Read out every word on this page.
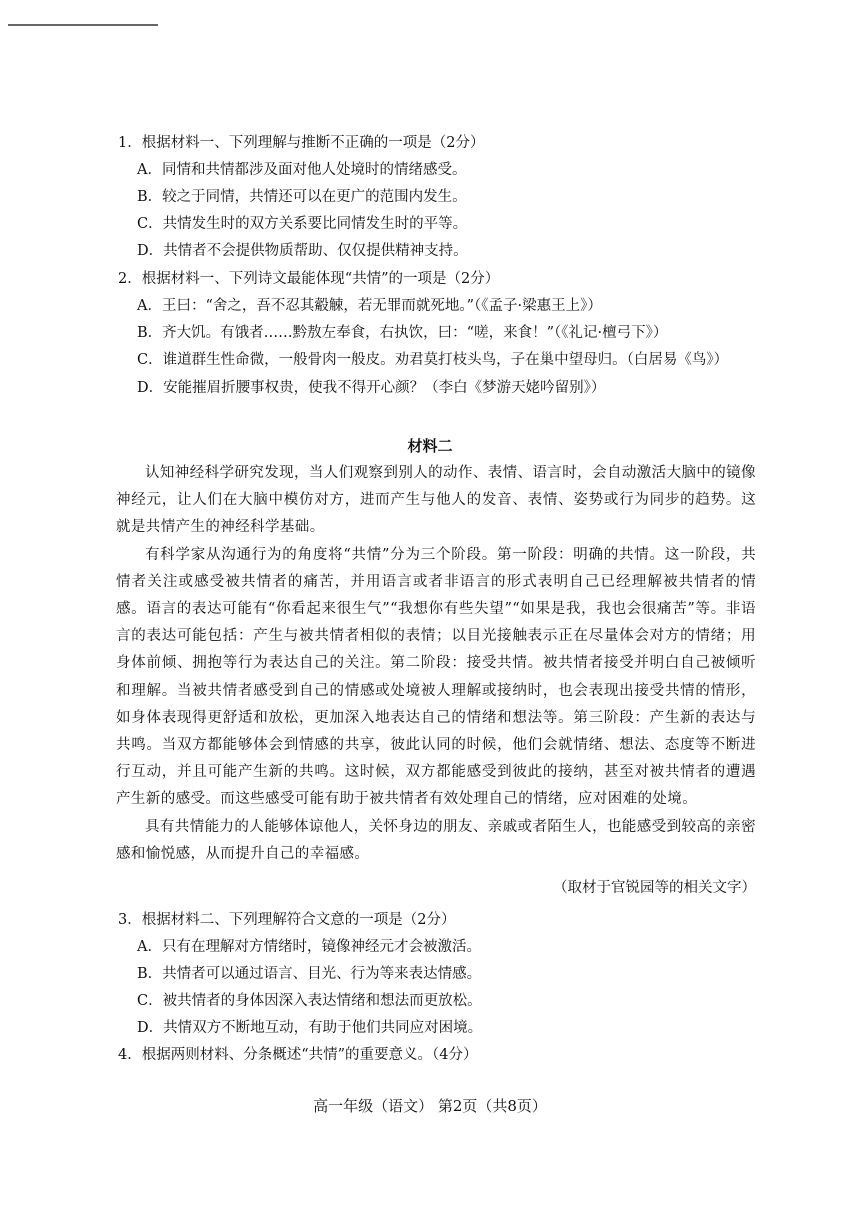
1．根据材料一、下列理解与推断不正确的一项是（2分）
A．同情和共情都涉及面对他人处境时的情绪感受。
B．较之于同情，共情还可以在更广的范围内发生。
C．共情发生时的双方关系要比同情发生时的平等。
D．共情者不会提供物质帮助、仅仅提供精神支持。
2．根据材料一、下列诗文最能体现“共情”的一项是（2分）
A．王曰：“舍之，吾不忍其觳觫，若无罪而就死地。”（《孟子·梁惠王上》）
B．齐大饥。有饿者……黔敖左奉食，右执饮，曰：“嗟，来食！”（《礼记·檀弓下》）
C．谁道群生性命微，一般骨肉一般皮。劝君莫打枝头鸟，子在巢中望母归。（白居易《鸟》）
D．安能摧眉折腰事权贵，使我不得开心颜？（李白《梦游天姥吟留别》）
材料二

认知神经科学研究发现，当人们观察到别人的动作、表情、语言时，会自动激活大脑中的镜像神经元，让人们在大脑中模仿对方，进而产生与他人的发音、表情、姿势或行为同步的趋势。这就是共情产生的神经科学基础。

有科学家从沟通行为的角度将“共情”分为三个阶段。第一阶段：明确的共情。这一阶段，共情者关注或感受被共情者的痛苦，并用语言或者非语言的形式表明自己已经理解被共情者的情感。语言的表达可能有“你看起来很生气”“我想你有些失望”“如果是我，我也会很痛苦”等。非语言的表达可能包括：产生与被共情者相似的表情；以目光接触表示正在尽量体会对方的情绪；用身体前倾、拥抱等行为表达自己的关注。第二阶段：接受共情。被共情者接受并明白自己被倾听和理解。当被共情者感受到自己的情感或处境被人理解或接纳时，也会表现出接受共情的情形，如身体表现得更舒适和放松，更加深入地表达自己的情绪和想法等。第三阶段：产生新的表达与共鸣。当双方都能够体会到情感的共享，彼此认同的时候，他们会就情绪、想法、态度等不断进行互动，并且可能产生新的共鸣。这时候，双方都能感受到彼此的接纳，甚至对被共情者的遭遇产生新的感受。而这些感受可能有助于被共情者有效处理自己的情绪，应对困难的处境。

具有共情能力的人能够体谅他人，关怀身边的朋友、亲戚或者陌生人，也能感受到较高的亲密感和愉悦感，从而提升自己的幸福感。

（取材于官锐园等的相关文字）
3．根据材料二、下列理解符合文意的一项是（2分）
A．只有在理解对方情绪时，镜像神经元才会被激活。
B．共情者可以通过语言、目光、行为等来表达情感。
C．被共情者的身体因深入表达情绪和想法而更放松。
D．共情双方不断地互动，有助于他们共同应对困境。
4．根据两则材料、分条概述“共情”的重要意义。（4分）
高一年级（语文） 第2页（共8页）
